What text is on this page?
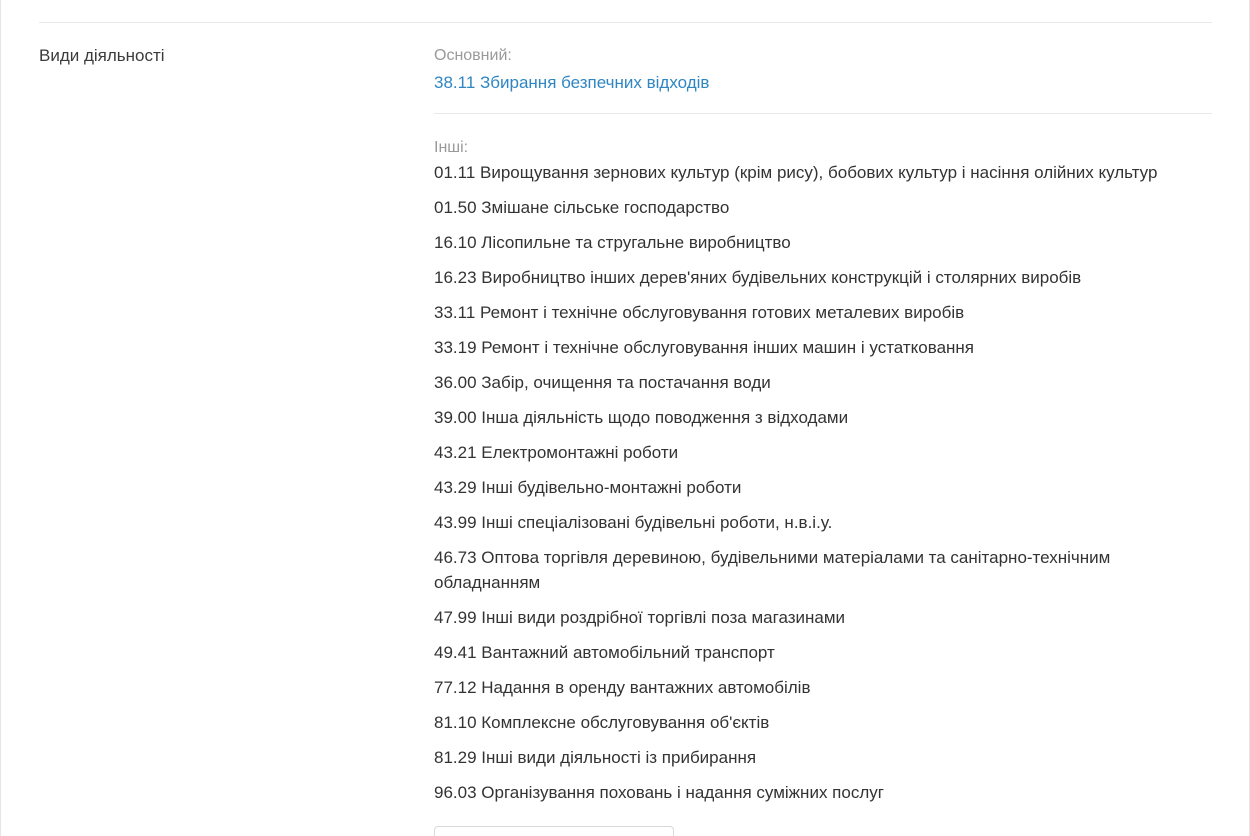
Види діяльності	Основний:
38.11 Збирання безпечних відходів
Інші:
01.11 Вирощування зернових культур (крім рису), бобових культур і насіння олійних культур
01.50 Змішане сільське господарство
16.10 Лісопильне та стругальне виробництво
16.23 Виробництво інших дерев'яних будівельних конструкцій і столярних виробів
33.11 Ремонт і технічне обслуговування готових металевих виробів
33.19 Ремонт і технічне обслуговування інших машин і устатковання
36.00 Забір, очищення та постачання води
39.00 Інша діяльність щодо поводження з відходами
43.21 Електромонтажні роботи
43.29 Інші будівельно-монтажні роботи
43.99 Інші спеціалізовані будівельні роботи, н.в.і.у.
46.73 Оптова торгівля деревиною, будівельними матеріалами та санітарно-технічним обладнанням
47.99 Інші види роздрібної торгівлі поза магазинами
49.41 Вантажний автомобільний транспорт
77.12 Надання в оренду вантажних автомобілів
81.10 Комплексне обслуговування об'єктів
81.29 Інші види діяльності із прибирання
96.03 Організування поховань і надання суміжних послуг
